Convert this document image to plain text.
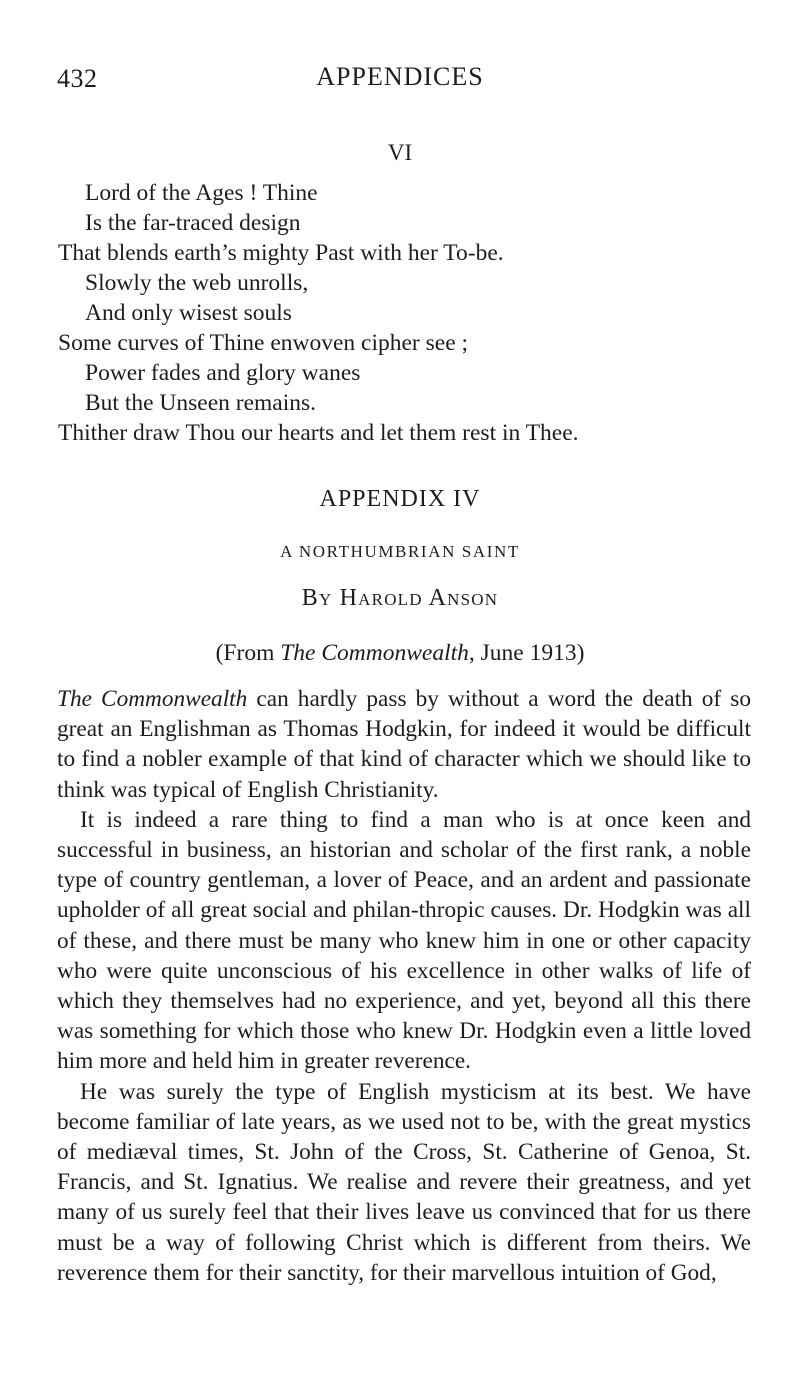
432	APPENDICES
VI
Lord of the Ages ! Thine
Is the far-traced design
That blends earth’s mighty Past with her To-be.
Slowly the web unrolls,
And only wisest souls
Some curves of Thine enwoven cipher see ;
Power fades and glory wanes
But the Unseen remains.
Thither draw Thou our hearts and let them rest in Thee.
APPENDIX IV
A NORTHUMBRIAN SAINT
By Harold Anson
(From The Commonwealth, June 1913)

The Commonwealth can hardly pass by without a word the death of so great an Englishman as Thomas Hodgkin, for indeed it would be difficult to find a nobler example of that kind of character which we should like to think was typical of English Christianity.

It is indeed a rare thing to find a man who is at once keen and successful in business, an historian and scholar of the first rank, a noble type of country gentleman, a lover of Peace, and an ardent and passionate upholder of all great social and philan-thropic causes. Dr. Hodgkin was all of these, and there must be many who knew him in one or other capacity who were quite unconscious of his excellence in other walks of life of which they themselves had no experience, and yet, beyond all this there was something for which those who knew Dr. Hodgkin even a little loved him more and held him in greater reverence.

He was surely the type of English mysticism at its best. We have become familiar of late years, as we used not to be, with the great mystics of mediæval times, St. John of the Cross, St. Catherine of Genoa, St. Francis, and St. Ignatius. We realise and revere their greatness, and yet many of us surely feel that their lives leave us convinced that for us there must be a way of following Christ which is different from theirs. We reverence them for their sanctity, for their marvellous intuition of God,
